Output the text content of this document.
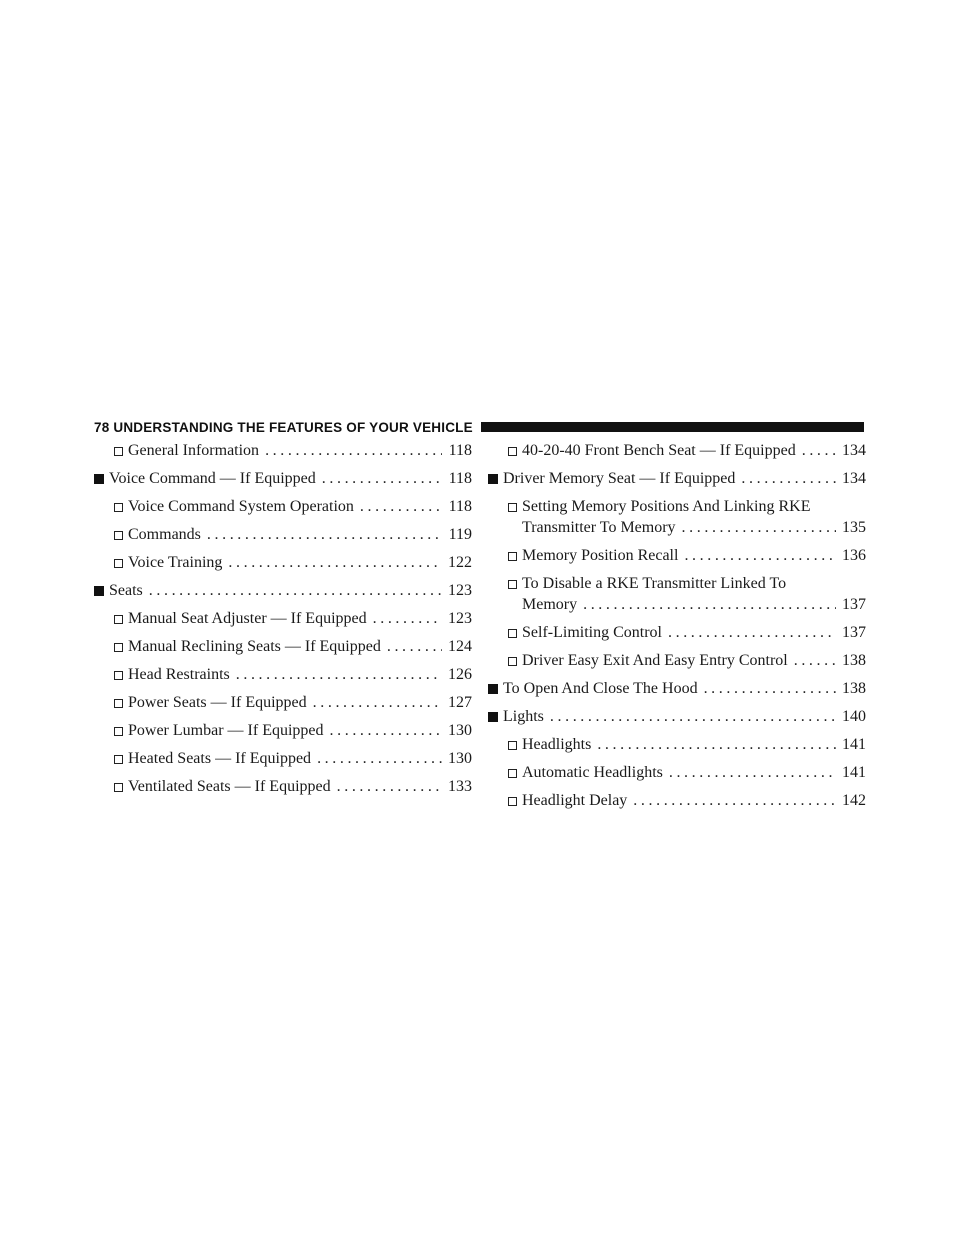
78 UNDERSTANDING THE FEATURES OF YOUR VEHICLE
General Information .....	118
Voice Command — If Equipped .....	118
Voice Command System Operation .....	118
Commands .....	119
Voice Training .....	122
Seats .....	123
Manual Seat Adjuster — If Equipped .....	123
Manual Reclining Seats — If Equipped .....	124
Head Restraints .....	126
Power Seats — If Equipped .....	127
Power Lumbar — If Equipped .....	130
Heated Seats — If Equipped .....	130
Ventilated Seats — If Equipped .....	133
40-20-40 Front Bench Seat — If Equipped .....	134
Driver Memory Seat — If Equipped .....	134
Setting Memory Positions And Linking RKE
Transmitter To Memory .....	135
Memory Position Recall .....	136
To Disable a RKE Transmitter Linked To
Memory .....	137
Self-Limiting Control .....	137
Driver Easy Exit And Easy Entry Control .....	138
To Open And Close The Hood .....	138
Lights .....	140
Headlights .....	141
Automatic Headlights .....	141
Headlight Delay .....	142
